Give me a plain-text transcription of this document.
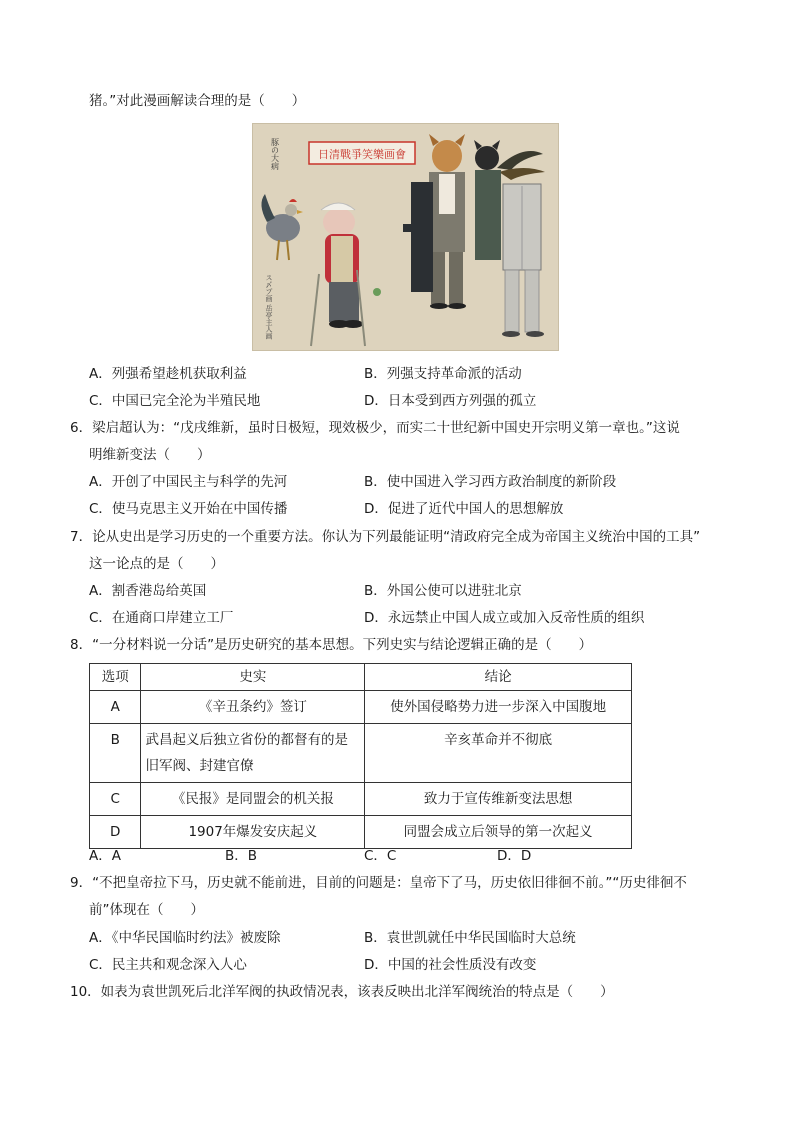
猪。”对此漫画解读合理的是（　　）
日清戰爭笑樂画會
豚の大病
ス〆プ画 岳亭主人画
A．列强希望趁机获取利益	B．列强支持革命派的活动
C．中国已完全沦为半殖民地	D．日本受到西方列强的孤立
6．梁启超认为：“戊戌维新，虽时日极短，现效极少，而实二十世纪新中国史开宗明义第一章也。”这说
明维新变法（　　）
A．开创了中国民主与科学的先河	B．使中国进入学习西方政治制度的新阶段
C．使马克思主义开始在中国传播	D．促进了近代中国人的思想解放
7．论从史出是学习历史的一个重要方法。你认为下列最能证明“清政府完全成为帝国主义统治中国的工具”
这一论点的是（　　）
A．割香港岛给英国	B．外国公使可以进驻北京
C．在通商口岸建立工厂	D．永远禁止中国人成立或加入反帝性质的组织
8．“一分材料说一分话”是历史研究的基本思想。下列史实与结论逻辑正确的是（　　）
选项	史实	结论
A	《辛丑条约》签订	使外国侵略势力进一步深入中国腹地
B	武昌起义后独立省份的都督有的是旧军阀、封建官僚	辛亥革命并不彻底
C	《民报》是同盟会的机关报	致力于宣传维新变法思想
D	1907年爆发安庆起义	同盟会成立后领导的第一次起义
A．A	B．B	C．C	D．D
9．“不把皇帝拉下马，历史就不能前进，目前的问题是：皇帝下了马，历史依旧徘徊不前。”“历史徘徊不
前”体现在（　　）
A．《中华民国临时约法》被废除	B．袁世凯就任中华民国临时大总统
C．民主共和观念深入人心	D．中国的社会性质没有改变
10．如表为袁世凯死后北洋军阀的执政情况表，该表反映出北洋军阀统治的特点是（　　）
